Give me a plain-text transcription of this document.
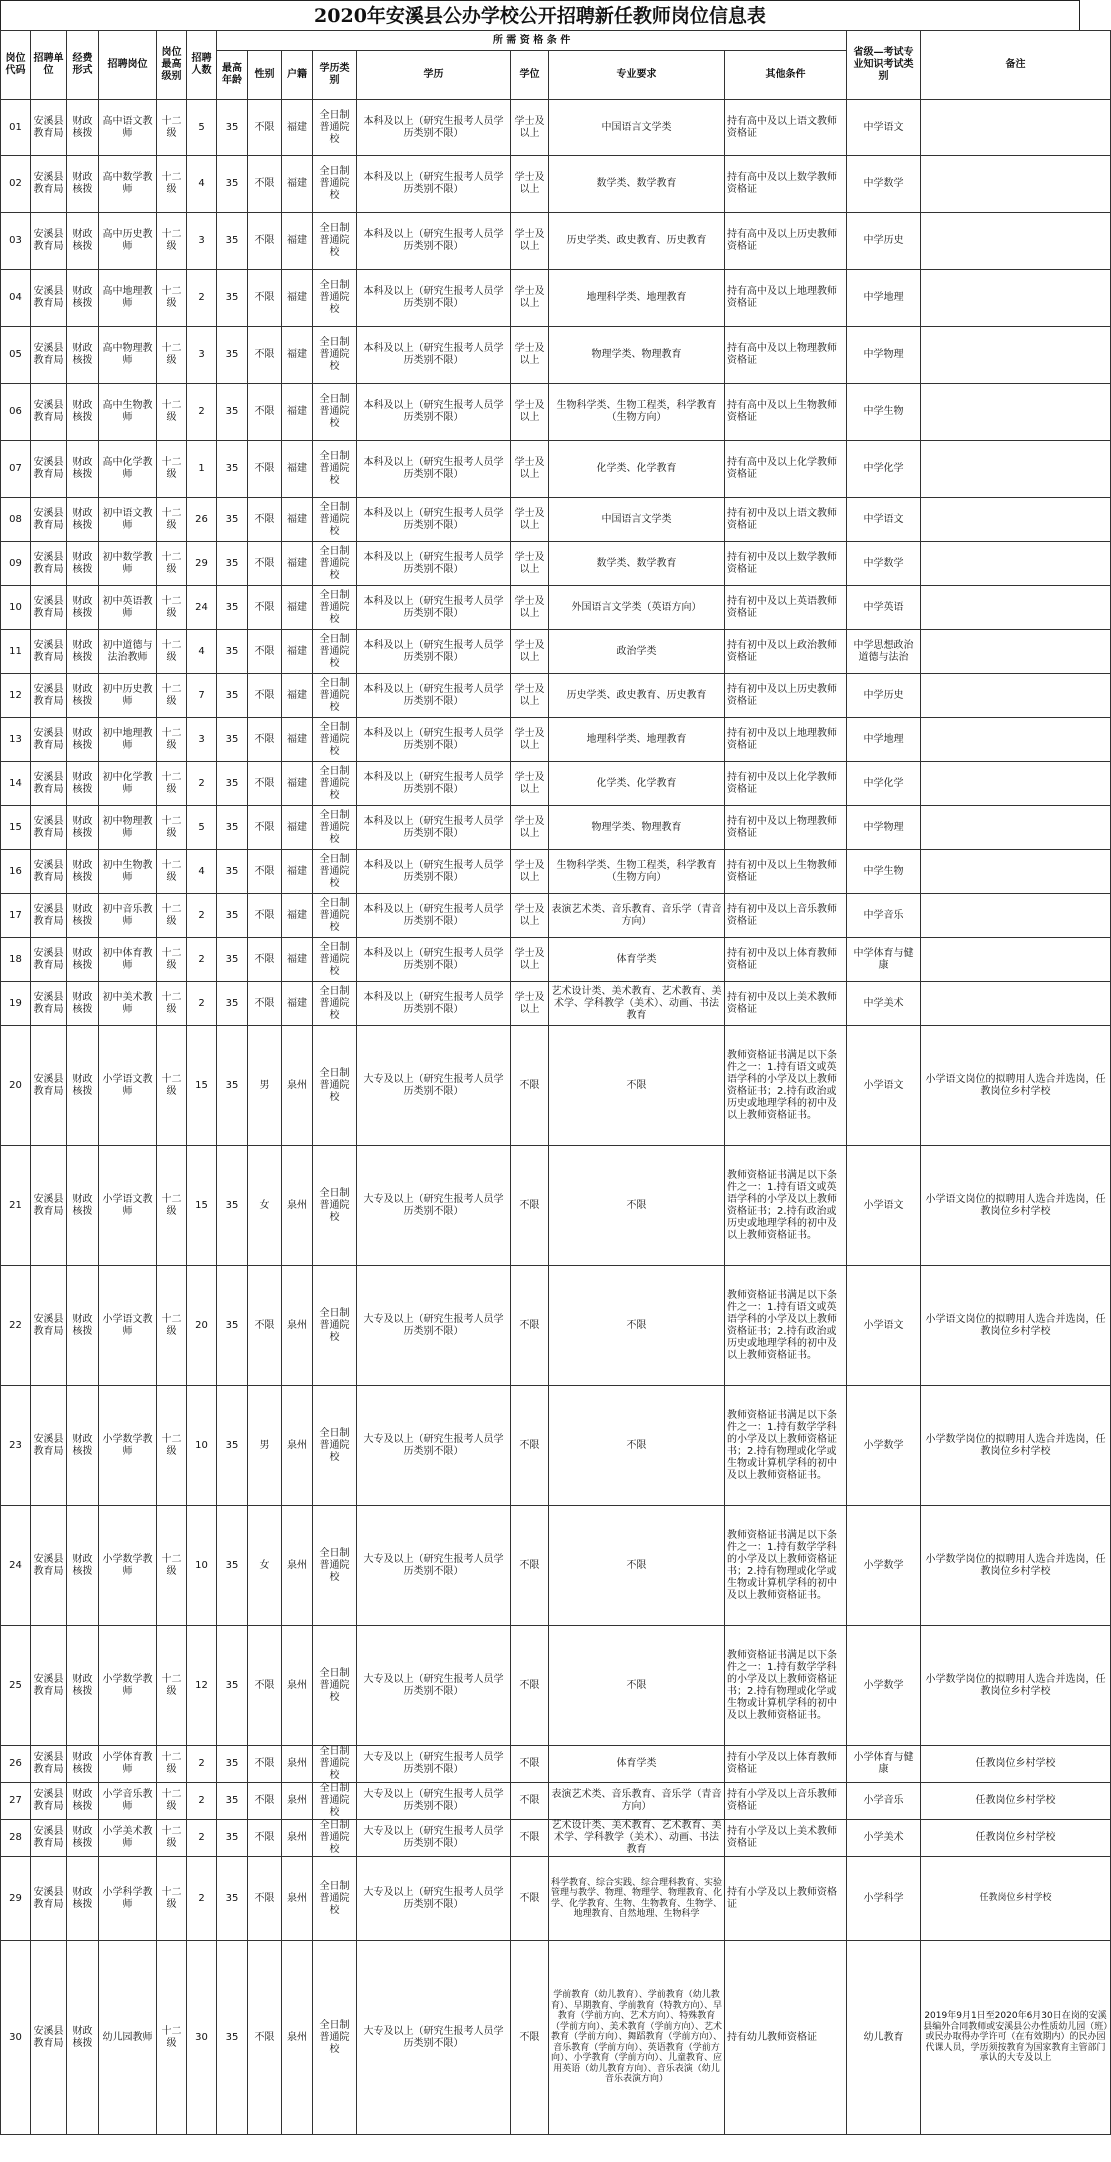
2020年安溪县公办学校公开招聘新任教师岗位信息表
岗位代码	招聘单位	经费形式	招聘岗位	岗位最高级别	招聘人数	所 需 资 格 条 件								省级—考试专业知识考试类别	备注
						最高年龄	性别	户籍	学历类别	学历	学位	专业要求	其他条件		
01	安溪县教育局	财政核拨	高中语文教师	十二级	5	35	不限	福建	全日制普通院校	本科及以上（研究生报考人员学历类别不限）	学士及以上	中国语言文学类	持有高中及以上语文教师资格证	中学语文	
02	安溪县教育局	财政核拨	高中数学教师	十二级	4	35	不限	福建	全日制普通院校	本科及以上（研究生报考人员学历类别不限）	学士及以上	数学类、数学教育	持有高中及以上数学教师资格证	中学数学	
03	安溪县教育局	财政核拨	高中历史教师	十二级	3	35	不限	福建	全日制普通院校	本科及以上（研究生报考人员学历类别不限）	学士及以上	历史学类、政史教育、历史教育	持有高中及以上历史教师资格证	中学历史	
04	安溪县教育局	财政核拨	高中地理教师	十二级	2	35	不限	福建	全日制普通院校	本科及以上（研究生报考人员学历类别不限）	学士及以上	地理科学类、地理教育	持有高中及以上地理教师资格证	中学地理	
05	安溪县教育局	财政核拨	高中物理教师	十二级	3	35	不限	福建	全日制普通院校	本科及以上（研究生报考人员学历类别不限）	学士及以上	物理学类、物理教育	持有高中及以上物理教师资格证	中学物理	
06	安溪县教育局	财政核拨	高中生物教师	十二级	2	35	不限	福建	全日制普通院校	本科及以上（研究生报考人员学历类别不限）	学士及以上	生物科学类、生物工程类，科学教育（生物方向）	持有高中及以上生物教师资格证	中学生物	
07	安溪县教育局	财政核拨	高中化学教师	十二级	1	35	不限	福建	全日制普通院校	本科及以上（研究生报考人员学历类别不限）	学士及以上	化学类、化学教育	持有高中及以上化学教师资格证	中学化学	
08	安溪县教育局	财政核拨	初中语文教师	十二级	26	35	不限	福建	全日制普通院校	本科及以上（研究生报考人员学历类别不限）	学士及以上	中国语言文学类	持有初中及以上语文教师资格证	中学语文	
09	安溪县教育局	财政核拨	初中数学教师	十二级	29	35	不限	福建	全日制普通院校	本科及以上（研究生报考人员学历类别不限）	学士及以上	数学类、数学教育	持有初中及以上数学教师资格证	中学数学	
10	安溪县教育局	财政核拨	初中英语教师	十二级	24	35	不限	福建	全日制普通院校	本科及以上（研究生报考人员学历类别不限）	学士及以上	外国语言文学类（英语方向）	持有初中及以上英语教师资格证	中学英语	
11	安溪县教育局	财政核拨	初中道德与法治教师	十二级	4	35	不限	福建	全日制普通院校	本科及以上（研究生报考人员学历类别不限）	学士及以上	政治学类	持有初中及以上政治教师资格证	中学思想政治道德与法治	
12	安溪县教育局	财政核拨	初中历史教师	十二级	7	35	不限	福建	全日制普通院校	本科及以上（研究生报考人员学历类别不限）	学士及以上	历史学类、政史教育、历史教育	持有初中及以上历史教师资格证	中学历史	
13	安溪县教育局	财政核拨	初中地理教师	十二级	3	35	不限	福建	全日制普通院校	本科及以上（研究生报考人员学历类别不限）	学士及以上	地理科学类、地理教育	持有初中及以上地理教师资格证	中学地理	
14	安溪县教育局	财政核拨	初中化学教师	十二级	2	35	不限	福建	全日制普通院校	本科及以上（研究生报考人员学历类别不限）	学士及以上	化学类、化学教育	持有初中及以上化学教师资格证	中学化学	
15	安溪县教育局	财政核拨	初中物理教师	十二级	5	35	不限	福建	全日制普通院校	本科及以上（研究生报考人员学历类别不限）	学士及以上	物理学类、物理教育	持有初中及以上物理教师资格证	中学物理	
16	安溪县教育局	财政核拨	初中生物教师	十二级	4	35	不限	福建	全日制普通院校	本科及以上（研究生报考人员学历类别不限）	学士及以上	生物科学类、生物工程类，科学教育（生物方向）	持有初中及以上生物教师资格证	中学生物	
17	安溪县教育局	财政核拨	初中音乐教师	十二级	2	35	不限	福建	全日制普通院校	本科及以上（研究生报考人员学历类别不限）	学士及以上	表演艺术类、音乐教育、音乐学（青音方向）	持有初中及以上音乐教师资格证	中学音乐	
18	安溪县教育局	财政核拨	初中体育教师	十二级	2	35	不限	福建	全日制普通院校	本科及以上（研究生报考人员学历类别不限）	学士及以上	体育学类	持有初中及以上体育教师资格证	中学体育与健康	
19	安溪县教育局	财政核拨	初中美术教师	十二级	2	35	不限	福建	全日制普通院校	本科及以上（研究生报考人员学历类别不限）	学士及以上	艺术设计类、美术教育、艺术教育、美术学、学科教学（美术）、动画、书法教育	持有初中及以上美术教师资格证	中学美术	
20	安溪县教育局	财政核拨	小学语文教师	十二级	15	35	男	泉州	全日制普通院校	大专及以上（研究生报考人员学历类别不限）	不限	不限	教师资格证书满足以下条件之一：1.持有语文或英语学科的小学及以上教师资格证书；2.持有政治或历史或地理学科的初中及以上教师资格证书。	小学语文	小学语文岗位的拟聘用人选合并选岗，任教岗位乡村学校
21	安溪县教育局	财政核拨	小学语文教师	十二级	15	35	女	泉州	全日制普通院校	大专及以上（研究生报考人员学历类别不限）	不限	不限	教师资格证书满足以下条件之一：1.持有语文或英语学科的小学及以上教师资格证书；2.持有政治或历史或地理学科的初中及以上教师资格证书。	小学语文	小学语文岗位的拟聘用人选合并选岗，任教岗位乡村学校
22	安溪县教育局	财政核拨	小学语文教师	十二级	20	35	不限	泉州	全日制普通院校	大专及以上（研究生报考人员学历类别不限）	不限	不限	教师资格证书满足以下条件之一：1.持有语文或英语学科的小学及以上教师资格证书；2.持有政治或历史或地理学科的初中及以上教师资格证书。	小学语文	小学语文岗位的拟聘用人选合并选岗，任教岗位乡村学校
23	安溪县教育局	财政核拨	小学数学教师	十二级	10	35	男	泉州	全日制普通院校	大专及以上（研究生报考人员学历类别不限）	不限	不限	教师资格证书满足以下条件之一：1.持有数学学科的小学及以上教师资格证书；2.持有物理或化学或生物或计算机学科的初中及以上教师资格证书。	小学数学	小学数学岗位的拟聘用人选合并选岗，任教岗位乡村学校
24	安溪县教育局	财政核拨	小学数学教师	十二级	10	35	女	泉州	全日制普通院校	大专及以上（研究生报考人员学历类别不限）	不限	不限	教师资格证书满足以下条件之一：1.持有数学学科的小学及以上教师资格证书；2.持有物理或化学或生物或计算机学科的初中及以上教师资格证书。	小学数学	小学数学岗位的拟聘用人选合并选岗，任教岗位乡村学校
25	安溪县教育局	财政核拨	小学数学教师	十二级	12	35	不限	泉州	全日制普通院校	大专及以上（研究生报考人员学历类别不限）	不限	不限	教师资格证书满足以下条件之一：1.持有数学学科的小学及以上教师资格证书；2.持有物理或化学或生物或计算机学科的初中及以上教师资格证书。	小学数学	小学数学岗位的拟聘用人选合并选岗，任教岗位乡村学校
26	安溪县教育局	财政核拨	小学体育教师	十二级	2	35	不限	泉州	全日制普通院校	大专及以上（研究生报考人员学历类别不限）	不限	体育学类	持有小学及以上体育教师资格证	小学体育与健康	任教岗位乡村学校
27	安溪县教育局	财政核拨	小学音乐教师	十二级	2	35	不限	泉州	全日制普通院校	大专及以上（研究生报考人员学历类别不限）	不限	表演艺术类、音乐教育、音乐学（青音方向）	持有小学及以上音乐教师资格证	小学音乐	任教岗位乡村学校
28	安溪县教育局	财政核拨	小学美术教师	十二级	2	35	不限	泉州	全日制普通院校	大专及以上（研究生报考人员学历类别不限）	不限	艺术设计类、美术教育、艺术教育、美术学、学科教学（美术）、动画、书法教育	持有小学及以上美术教师资格证	小学美术	任教岗位乡村学校
29	安溪县教育局	财政核拨	小学科学教师	十二级	2	35	不限	泉州	全日制普通院校	大专及以上（研究生报考人员学历类别不限）	不限	科学教育、综合实践、综合理科教育、实验管理与教学、物理、物理学、物理教育、化学、化学教育、生物、生物教育、生物学、地理教育、自然地理、生物科学	持有小学及以上教师资格证	小学科学	任教岗位乡村学校
30	安溪县教育局	财政核拨	幼儿园教师	十二级	30	35	不限	泉州	全日制普通院校	大专及以上（研究生报考人员学历类别不限）	不限	学前教育（幼儿教育）、学前教育（幼儿教育）、早期教育、学前教育（特教方向）、早教育（学前方向、艺术方向）、特殊教育（学前方向）、美术教育（学前方向）、艺术教育（学前方向）、舞蹈教育（学前方向）、音乐教育（学前方向）、英语教育（学前方向）、小学教育（学前方向）、儿童教育、应用英语（幼儿教育方向）、音乐表演（幼儿音乐表演方向）	持有幼儿教师资格证	幼儿教育	2019年9月1日至2020年6月30日在岗的安溪县编外合同教师或安溪县公办性质幼儿园（班）或民办取得办学许可（在有效期内）的民办园代课人员，学历须按教育为国家教育主管部门承认的大专及以上
